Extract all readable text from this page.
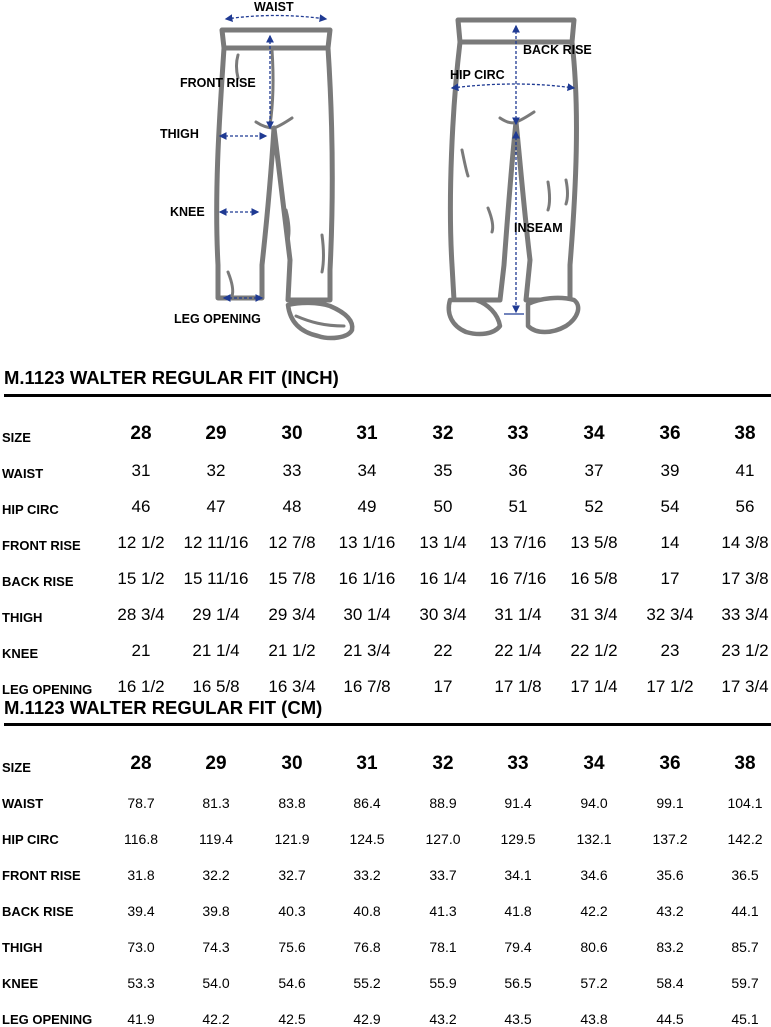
WAIST
FRONT RISE
THIGH
KNEE
LEG OPENING
BACK RISE
HIP CIRC
INSEAM
M.1123 WALTER REGULAR FIT (INCH)
SIZE	28	29	30	31	32	33	34	36	38
WAIST	31	32	33	34	35	36	37	39	41
HIP CIRC	46	47	48	49	50	51	52	54	56
FRONT RISE	12 1/2	12 11/16	12 7/8	13 1/16	13 1/4	13 7/16	13 5/8	14	14 3/8
BACK RISE	15 1/2	15 11/16	15 7/8	16 1/16	16 1/4	16 7/16	16 5/8	17	17 3/8
THIGH	28 3/4	29 1/4	29 3/4	30 1/4	30 3/4	31 1/4	31 3/4	32 3/4	33 3/4
KNEE	21	21 1/4	21 1/2	21 3/4	22	22 1/4	22 1/2	23	23 1/2
LEG OPENING	16 1/2	16 5/8	16 3/4	16 7/8	17	17 1/8	17 1/4	17 1/2	17 3/4
M.1123 WALTER REGULAR FIT (CM)
SIZE	28	29	30	31	32	33	34	36	38
WAIST	78.7	81.3	83.8	86.4	88.9	91.4	94.0	99.1	104.1
HIP CIRC	116.8	119.4	121.9	124.5	127.0	129.5	132.1	137.2	142.2
FRONT RISE	31.8	32.2	32.7	33.2	33.7	34.1	34.6	35.6	36.5
BACK RISE	39.4	39.8	40.3	40.8	41.3	41.8	42.2	43.2	44.1
THIGH	73.0	74.3	75.6	76.8	78.1	79.4	80.6	83.2	85.7
KNEE	53.3	54.0	54.6	55.2	55.9	56.5	57.2	58.4	59.7
LEG OPENING	41.9	42.2	42.5	42.9	43.2	43.5	43.8	44.5	45.1
